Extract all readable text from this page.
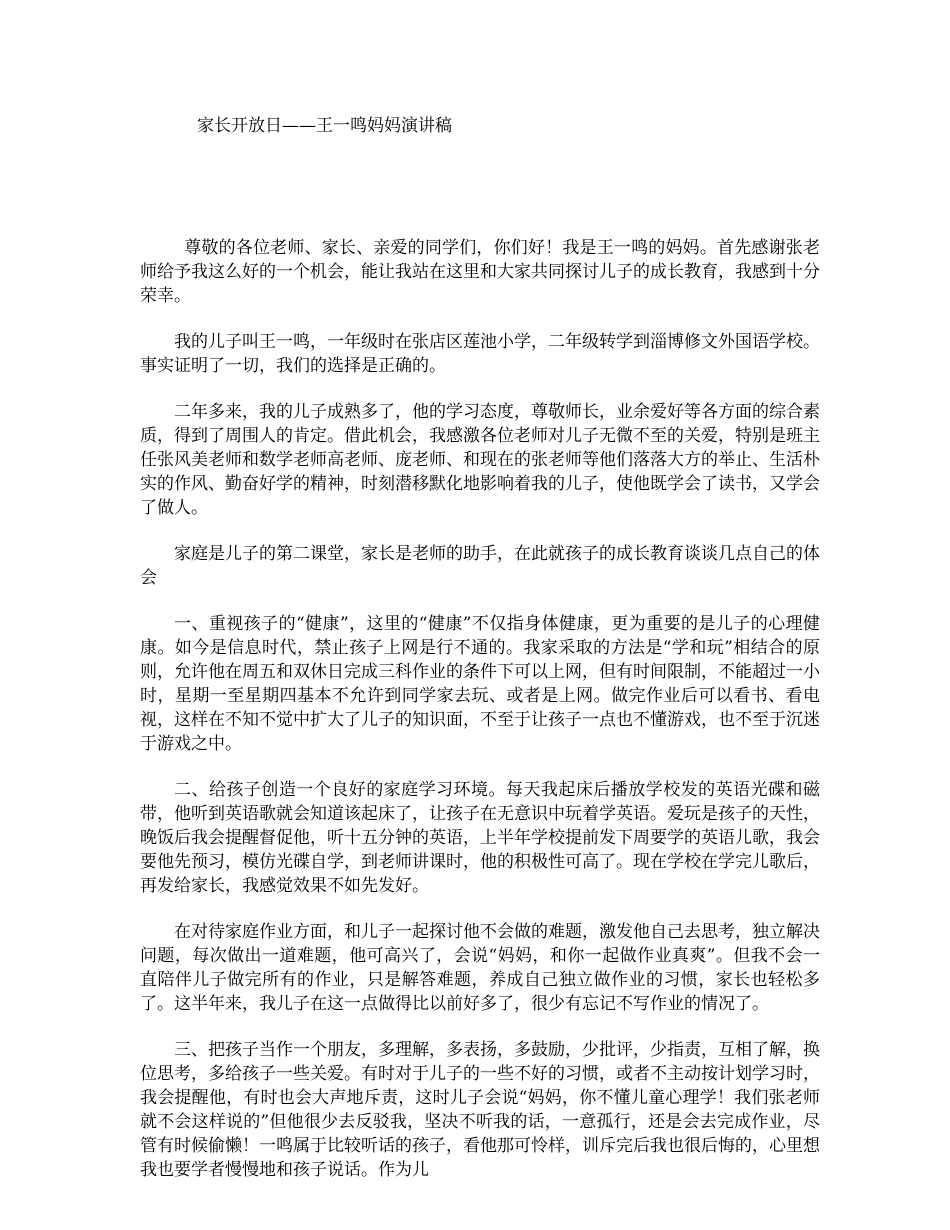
家长开放日——王一鸣妈妈演讲稿

尊敬的各位老师、家长、亲爱的同学们，你们好！我是王一鸣的妈妈。首先感谢张老师给予我这么好的一个机会，能让我站在这里和大家共同探讨儿子的成长教育，我感到十分荣幸。

我的儿子叫王一鸣，一年级时在张店区莲池小学，二年级转学到淄博修文外国语学校。事实证明了一切，我们的选择是正确的。

二年多来，我的儿子成熟多了，他的学习态度，尊敬师长，业余爱好等各方面的综合素质，得到了周围人的肯定。借此机会，我感激各位老师对儿子无微不至的关爱，特别是班主任张风美老师和数学老师高老师、庞老师、和现在的张老师等他们落落大方的举止、生活朴实的作风、勤奋好学的精神，时刻潜移默化地影响着我的儿子，使他既学会了读书，又学会了做人。

家庭是儿子的第二课堂，家长是老师的助手，在此就孩子的成长教育谈谈几点自己的体会

一、重视孩子的“健康”，这里的“健康”不仅指身体健康，更为重要的是儿子的心理健康。如今是信息时代，禁止孩子上网是行不通的。我家采取的方法是“学和玩”相结合的原则，允许他在周五和双休日完成三科作业的条件下可以上网，但有时间限制，不能超过一小时，星期一至星期四基本不允许到同学家去玩、或者是上网。做完作业后可以看书、看电视，这样在不知不觉中扩大了儿子的知识面，不至于让孩子一点也不懂游戏，也不至于沉迷于游戏之中。

二、给孩子创造一个良好的家庭学习环境。每天我起床后播放学校发的英语光碟和磁带，他听到英语歌就会知道该起床了，让孩子在无意识中玩着学英语。爱玩是孩子的天性，晚饭后我会提醒督促他，听十五分钟的英语，上半年学校提前发下周要学的英语儿歌，我会要他先预习，模仿光碟自学，到老师讲课时，他的积极性可高了。现在学校在学完儿歌后，再发给家长，我感觉效果不如先发好。

在对待家庭作业方面，和儿子一起探讨他不会做的难题，激发他自己去思考，独立解决问题，每次做出一道难题，他可高兴了，会说“妈妈，和你一起做作业真爽”。但我不会一直陪伴儿子做完所有的作业，只是解答难题，养成自己独立做作业的习惯，家长也轻松多了。这半年来，我儿子在这一点做得比以前好多了，很少有忘记不写作业的情况了。

三、把孩子当作一个朋友，多理解，多表扬，多鼓励，少批评，少指责，互相了解，换位思考，多给孩子一些关爱。有时对于儿子的一些不好的习惯，或者不主动按计划学习时，我会提醒他，有时也会大声地斥责，这时儿子会说“妈妈，你不懂儿童心理学！我们张老师就不会这样说的”但他很少去反驳我，坚决不听我的话，一意孤行，还是会去完成作业，尽管有时候偷懒！一鸣属于比较听话的孩子，看他那可怜样，训斥完后我也很后悔的，心里想我也要学者慢慢地和孩子说话。作为儿
